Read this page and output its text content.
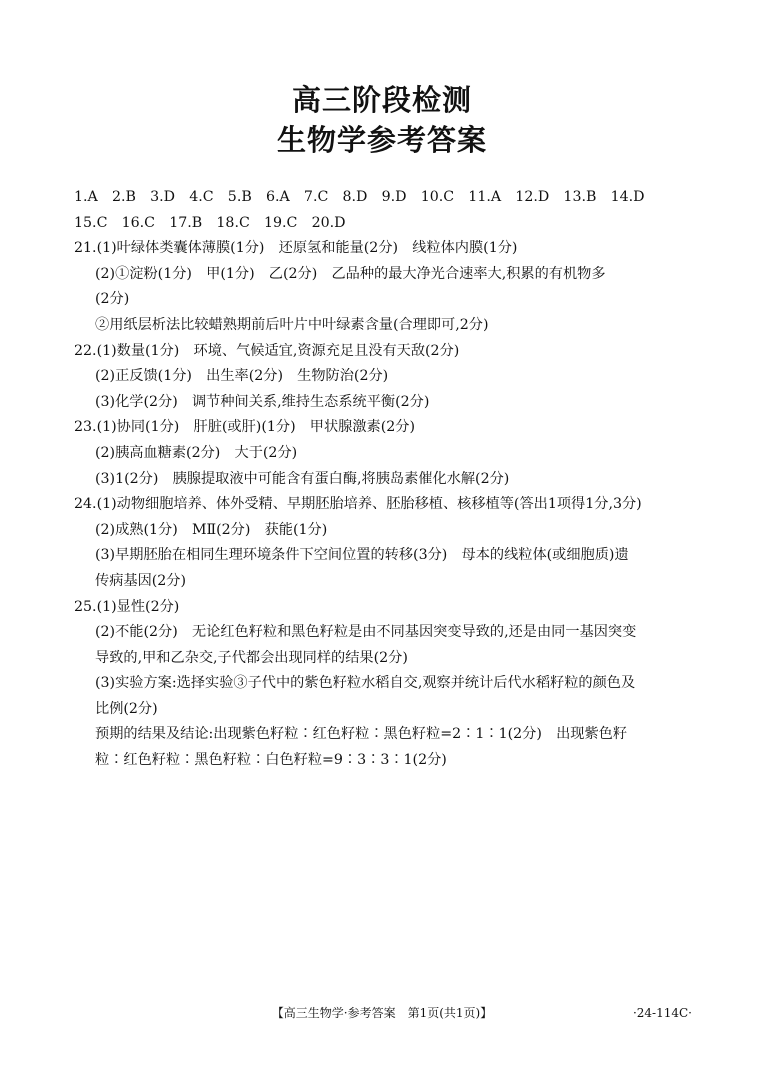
高三阶段检测
生物学参考答案
1.A　2.B　3.D　4.C　5.B　6.A　7.C　8.D　9.D　10.C　11.A　12.D　13.B　14.D
15.C　16.C　17.B　18.C　19.C　20.D
21.(1)叶绿体类囊体薄膜(1分)　还原氢和能量(2分)　线粒体内膜(1分)
(2)①淀粉(1分)　甲(1分)　乙(2分)　乙品种的最大净光合速率大,积累的有机物多
(2分)
②用纸层析法比较蜡熟期前后叶片中叶绿素含量(合理即可,2分)
22.(1)数量(1分)　环境、气候适宜,资源充足且没有天敌(2分)
(2)正反馈(1分)　出生率(2分)　生物防治(2分)
(3)化学(2分)　调节种间关系,维持生态系统平衡(2分)
23.(1)协同(1分)　肝脏(或肝)(1分)　甲状腺激素(2分)
(2)胰高血糖素(2分)　大于(2分)
(3)1(2分)　胰腺提取液中可能含有蛋白酶,将胰岛素催化水解(2分)
24.(1)动物细胞培养、体外受精、早期胚胎培养、胚胎移植、核移植等(答出1项得1分,3分)
(2)成熟(1分)　MⅡ(2分)　获能(1分)
(3)早期胚胎在相同生理环境条件下空间位置的转移(3分)　母本的线粒体(或细胞质)遗
传病基因(2分)
25.(1)显性(2分)
(2)不能(2分)　无论红色籽粒和黑色籽粒是由不同基因突变导致的,还是由同一基因突变
导致的,甲和乙杂交,子代都会出现同样的结果(2分)
(3)实验方案:选择实验③子代中的紫色籽粒水稻自交,观察并统计后代水稻籽粒的颜色及
比例(2分)
预期的结果及结论:出现紫色籽粒∶红色籽粒∶黑色籽粒=2∶1∶1(2分)　出现紫色籽
粒∶红色籽粒∶黑色籽粒∶白色籽粒=9∶3∶3∶1(2分)
【高三生物学·参考答案　第1页(共1页)】	·24-114C·
